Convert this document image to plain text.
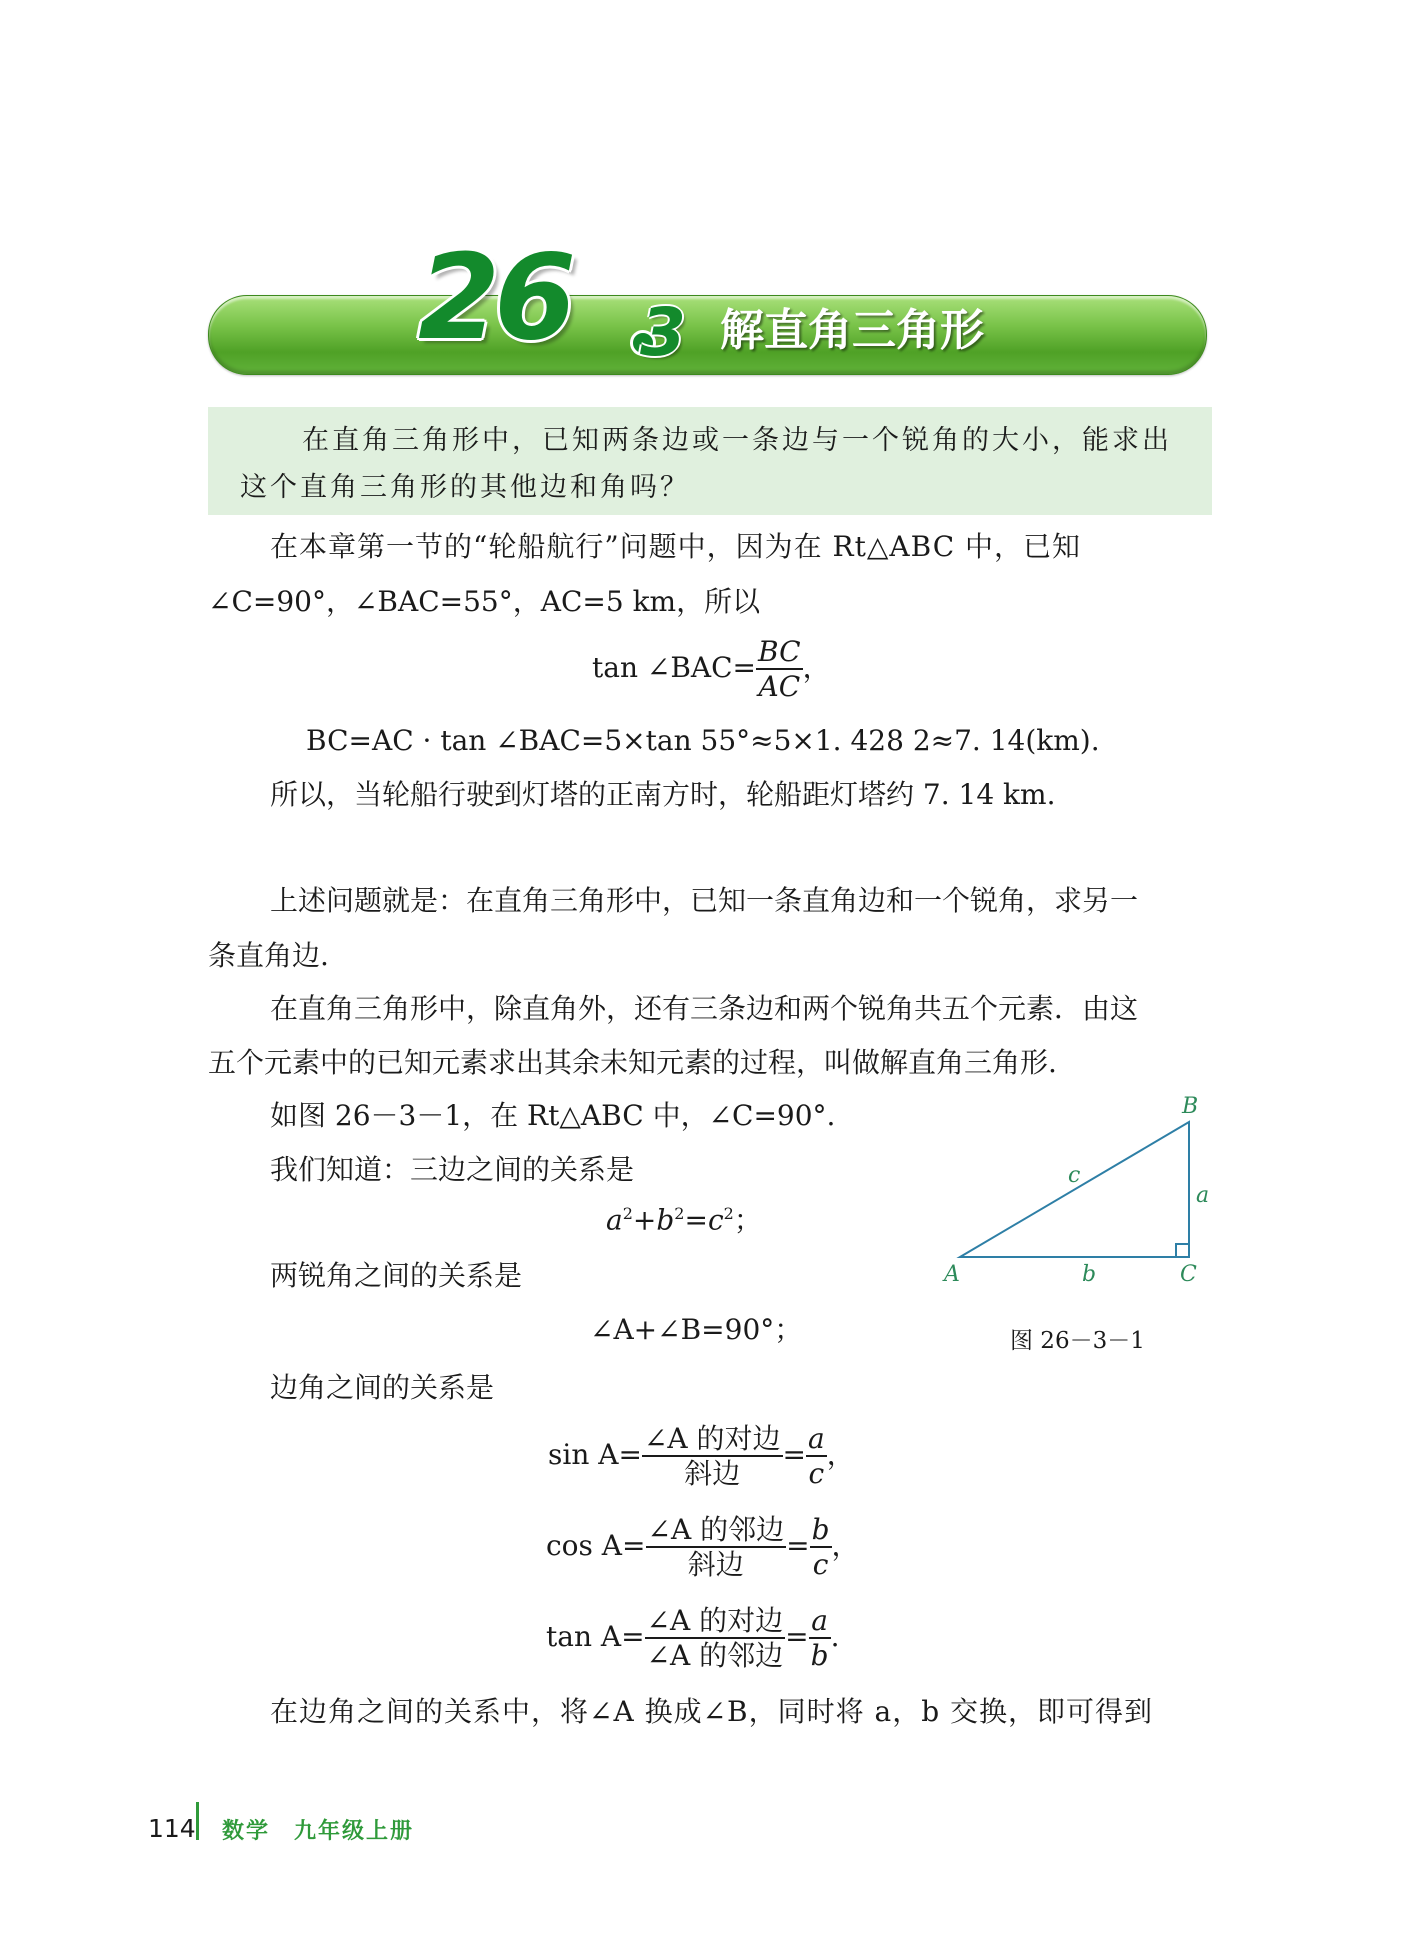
26 3 解直角三角形

在直角三角形中，已知两条边或一条边与一个锐角的大小，能求出

这个直角三角形的其他边和角吗？

在本章第一节的“轮船航行”问题中，因为在 Rt△ABC 中，已知
∠C=90°，∠BAC=55°，AC=5 km，所以
tan ∠BAC= $\frac{BC}{AC}$ ，
BC=AC · tan ∠BAC=5×tan 55°≈5×1. 428 2≈7. 14(km).
所以，当轮船行驶到灯塔的正南方时，轮船距灯塔约 7. 14 km.
上述问题就是：在直角三角形中，已知一条直角边和一个锐角，求另一
条直角边.
在直角三角形中，除直角外，还有三条边和两个锐角共五个元素．由这
五个元素中的已知元素求出其余未知元素的过程，叫做解直角三角形.
如图 26－3－1，在 Rt△ABC 中，∠C=90°.
我们知道：三边之间的关系是
$a^2+b^2=c^2$；
两锐角之间的关系是
∠A+∠B=90°；
边角之间的关系是
$\sin A= \frac{\text{∠A 的对边}}{\text{斜边}} = \frac{a}{c}$ ，
$\cos A= \frac{\text{∠A 的邻边}}{\text{斜边}} = \frac{b}{c}$ ，
$\tan A= \frac{\text{∠A 的对边}}{\text{∠A 的邻边}} = \frac{a}{b}$ .
在边角之间的关系中，将∠A 换成∠B，同时将 a，b 交换，即可得到
B
A	C
a
b
c
图 26－3－1
114 数学　九年级上册
